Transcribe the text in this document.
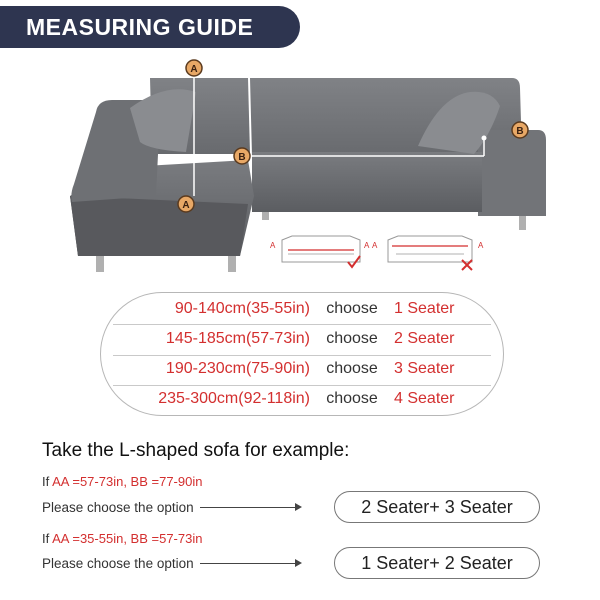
MEASURING GUIDE
A
A
B
B
A	A A	A
90-140cm(35-55in)	choose	1 Seater
145-185cm(57-73in)	choose	2 Seater
190-230cm(75-90in)	choose	3 Seater
235-300cm(92-118in)	choose	4 Seater
Take the L-shaped sofa for example:
If AA =57-73in, BB =77-90in
Please choose the option	2 Seater+ 3 Seater
If AA =35-55in, BB =57-73in
Please choose the option	1 Seater+ 2 Seater
